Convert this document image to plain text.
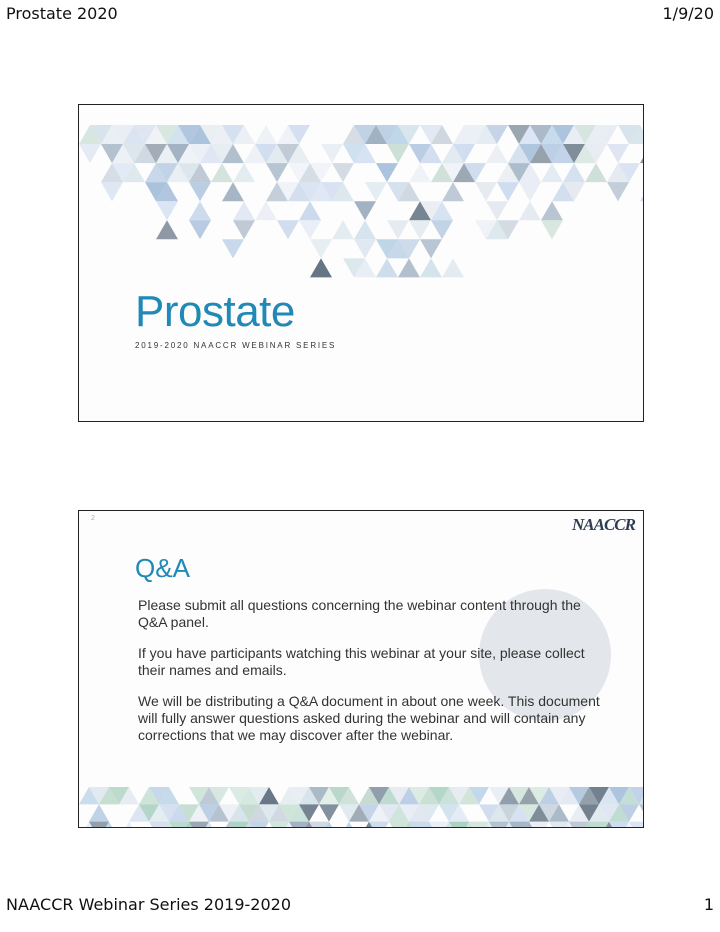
Prostate 2020	1/9/20
Prostate
2019-2020 NAACCR WEBINAR SERIES
2	NAACCR
Q&A

Please submit all questions concerning the webinar content through the Q&A panel.

If you have participants watching this webinar at your site, please collect their names and emails.

We will be distributing a Q&A document in about one week. This document will fully answer questions asked during the webinar and will contain any corrections that we may discover after the webinar.

NAACCR Webinar Series 2019-2020	1
